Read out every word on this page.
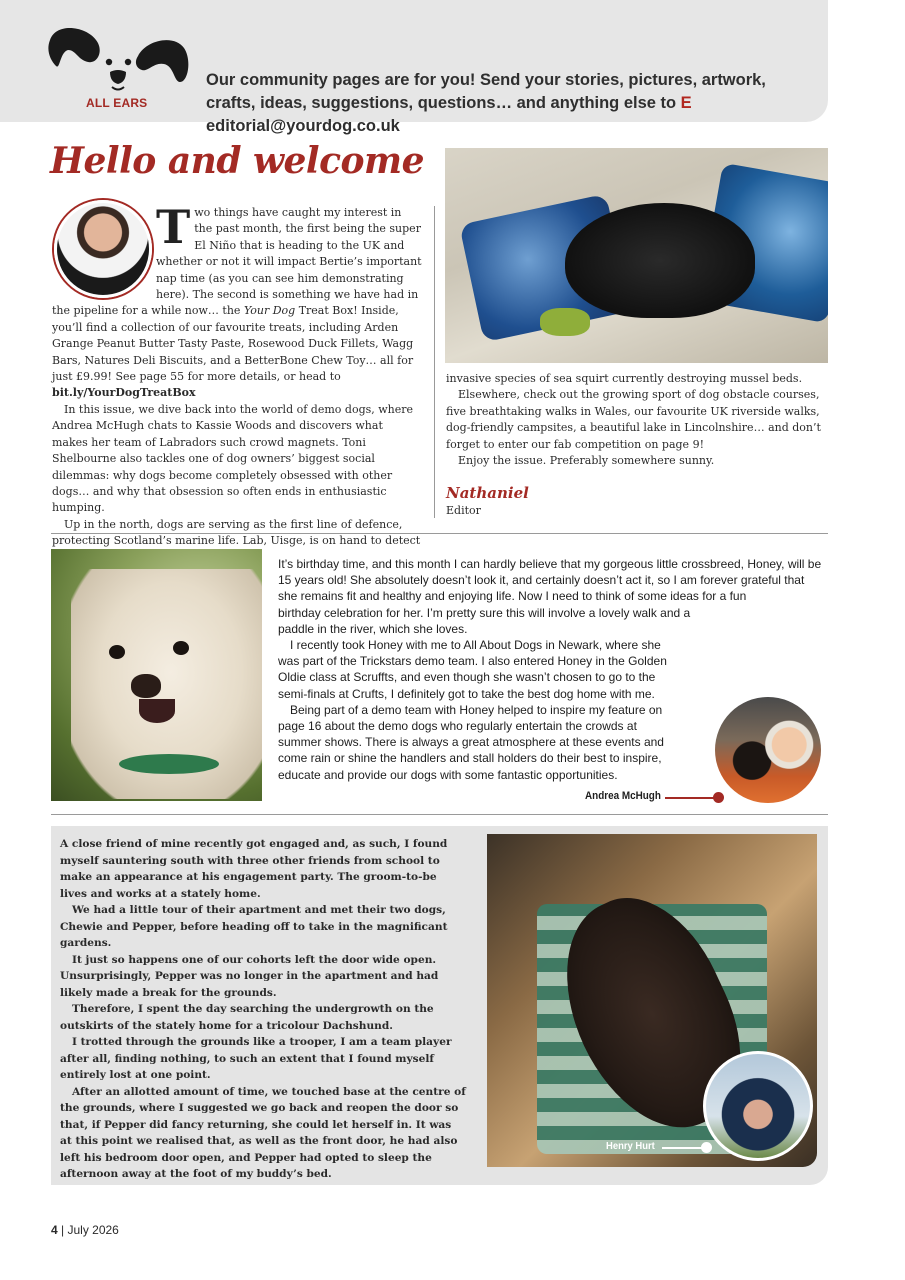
ALL EARS
Our community pages are for you! Send your stories, pictures, artwork, crafts, ideas, suggestions, questions… and anything else to E editorial@yourdog.co.uk
Hello and welcome

Two things have caught my interest in the past month, the first being the super El Niño that is heading to the UK and whether or not it will impact Bertie’s important nap time (as you can see him demonstrating here). The second is something we have had in the pipeline for a while now… the Your Dog Treat Box! Inside, you’ll find a collection of our favourite treats, including Arden Grange Peanut Butter Tasty Paste, Rosewood Duck Fillets, Wagg Bars, Natures Deli Biscuits, and a BetterBone Chew Toy… all for just £9.99! See page 55 for more details, or head to bit.ly/YourDogTreatBox

In this issue, we dive back into the world of demo dogs, where Andrea McHugh chats to Kassie Woods and discovers what makes her team of Labradors such crowd magnets. Toni Shelbourne also tackles one of dog owners’ biggest social dilemmas: why dogs become completely obsessed with other dogs… and why that obsession so often ends in enthusiastic humping.

Up in the north, dogs are serving as the first line of defence, protecting Scotland’s marine life. Lab, Uisge, is on hand to detect

invasive species of sea squirt currently destroying mussel beds.

Elsewhere, check out the growing sport of dog obstacle courses, five breathtaking walks in Wales, our favourite UK riverside walks, dog-friendly campsites, a beautiful lake in Lincolnshire… and don’t forget to enter our fab competition on page 9!

Enjoy the issue. Preferably somewhere sunny.

Nathaniel
Editor

It’s birthday time, and this month I can hardly believe that my gorgeous little crossbreed, Honey, will be 15 years old! She absolutely doesn’t look it, and certainly doesn’t act it, so I am forever grateful that she remains fit and healthy and enjoying life. Now I need to think of some ideas for a fun birthday celebration for her. I’m pretty sure this will involve a lovely walk and a paddle in the river, which she loves.

I recently took Honey with me to All About Dogs in Newark, where she was part of the Trickstars demo team. I also entered Honey in the Golden Oldie class at Scruffts, and even though she wasn’t chosen to go to the semi-finals at Crufts, I definitely got to take the best dog home with me.

Being part of a demo team with Honey helped to inspire my feature on page 16 about the demo dogs who regularly entertain the crowds at summer shows. There is always a great atmosphere at these events and come rain or shine the handlers and stall holders do their best to inspire, educate and provide our dogs with some fantastic opportunities.

Andrea McHugh

A close friend of mine recently got engaged and, as such, I found myself sauntering south with three other friends from school to make an appearance at his engagement party. The groom-to-be lives and works at a stately home.

We had a little tour of their apartment and met their two dogs, Chewie and Pepper, before heading off to take in the magnificant gardens.

It just so happens one of our cohorts left the door wide open. Unsurprisingly, Pepper was no longer in the apartment and had likely made a break for the grounds.

Therefore, I spent the day searching the undergrowth on the outskirts of the stately home for a tricolour Dachshund.

I trotted through the grounds like a trooper, I am a team player after all, finding nothing, to such an extent that I found myself entirely lost at one point.

After an allotted amount of time, we touched base at the centre of the grounds, where I suggested we go back and reopen the door so that, if Pepper did fancy returning, she could let herself in. It was at this point we realised that, as well as the front door, he had also left his bedroom door open, and Pepper had opted to sleep the afternoon away at the foot of my buddy’s bed.

Henry Hurt
4 | July 2026
